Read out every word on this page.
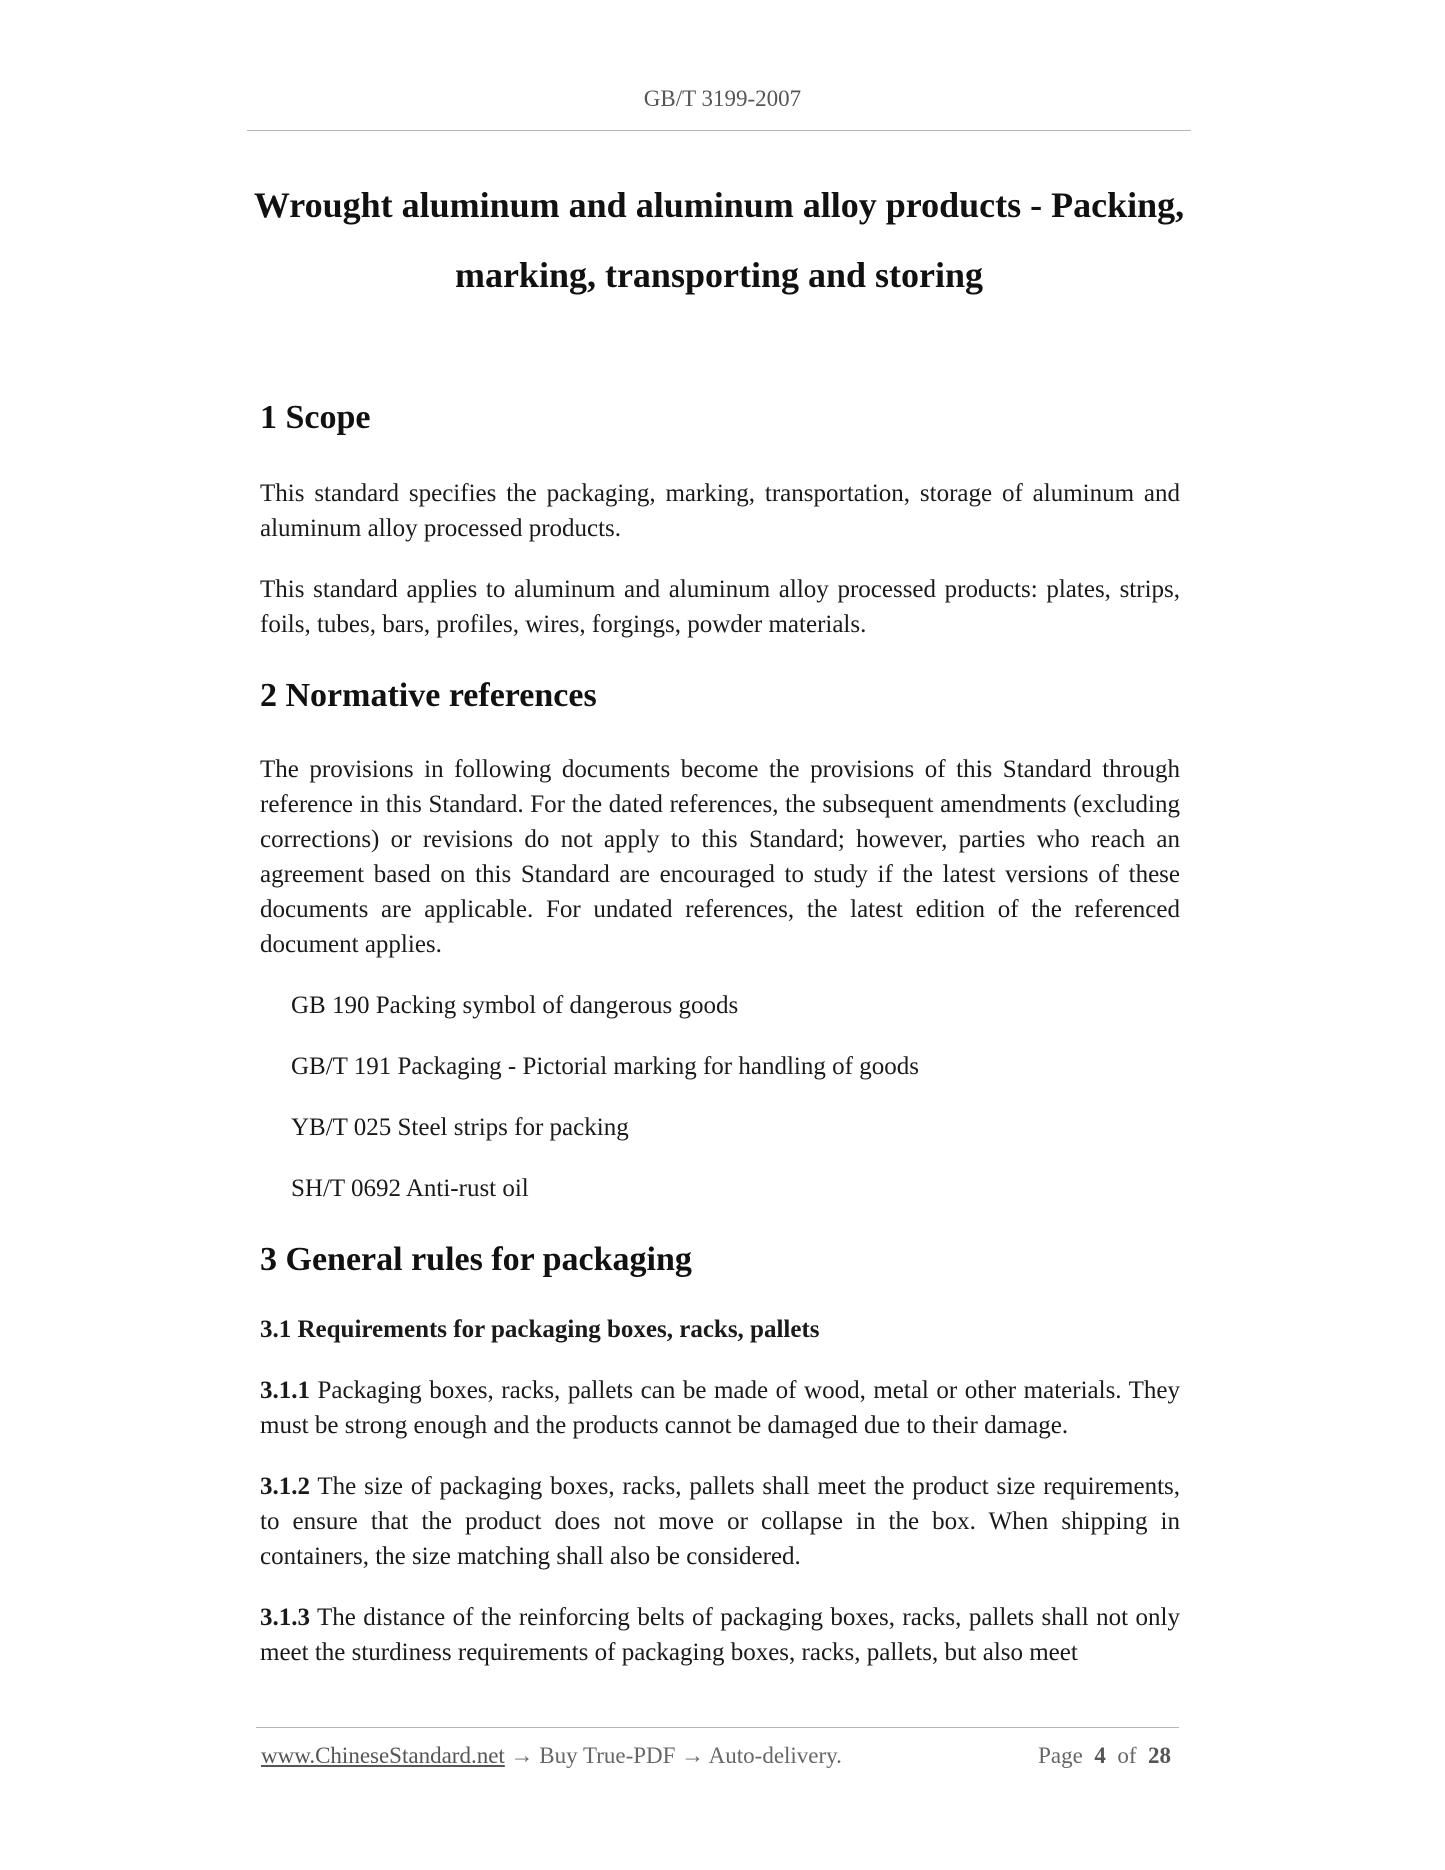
GB/T 3199-2007
Wrought aluminum and aluminum alloy products - Packing,
marking, transporting and storing
1 Scope

This standard specifies the packaging, marking, transportation, storage of aluminum and aluminum alloy processed products.

This standard applies to aluminum and aluminum alloy processed products: plates, strips, foils, tubes, bars, profiles, wires, forgings, powder materials.

2 Normative references

The provisions in following documents become the provisions of this Standard through reference in this Standard. For the dated references, the subsequent amendments (excluding corrections) or revisions do not apply to this Standard; however, parties who reach an agreement based on this Standard are encouraged to study if the latest versions of these documents are applicable. For undated references, the latest edition of the referenced document applies.

GB 190 Packing symbol of dangerous goods

GB/T 191 Packaging - Pictorial marking for handling of goods

YB/T 025 Steel strips for packing

SH/T 0692 Anti-rust oil

3 General rules for packaging
3.1 Requirements for packaging boxes, racks, pallets

3.1.1 Packaging boxes, racks, pallets can be made of wood, metal or other materials. They must be strong enough and the products cannot be damaged due to their damage.

3.1.2 The size of packaging boxes, racks, pallets shall meet the product size requirements, to ensure that the product does not move or collapse in the box. When shipping in containers, the size matching shall also be considered.

3.1.3 The distance of the reinforcing belts of packaging boxes, racks, pallets shall not only meet the sturdiness requirements of packaging boxes, racks, pallets, but also meet

www.ChineseStandard.net → Buy True-PDF → Auto-delivery.	Page 4 of 28
